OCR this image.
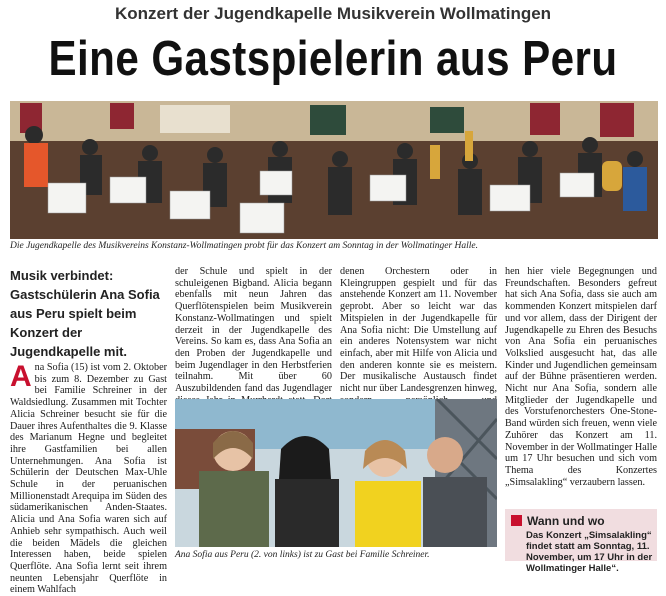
Konzert der Jugendkapelle Musikverein Wollmatingen
Eine Gastspielerin aus Peru
Die Jugendkapelle des Musikvereins Konstanz-Wollmatingen probt für das Konzert am Sonntag in der Wollmatinger Halle.
Musik verbindet: Gastschülerin Ana Sofia aus Peru spielt beim Konzert der Jugendkapelle mit.
Ana Sofia (15) ist vom 2. Oktober bis zum 8. Dezember zu Gast bei Familie Schreiner in der Waldsiedlung. Zusammen mit Tochter Alicia Schreiner besucht sie für die Dauer ihres Aufenthaltes die 9. Klasse des Marianum Hegne und begleitet ihre Gastfamilien bei allen Unternehmungen. Ana Sofia ist Schülerin der Deutschen Max-Uhle Schule in der peruanischen Millionenstadt Arequipa im Süden des südamerikanischen Anden-Staates. Alicia und Ana Sofia waren sich auf Anhieb sehr sympathisch. Auch weil die beiden Mädels die gleichen Interessen haben, beide spielen Querflöte. Ana Sofia lernt seit ihrem neunten Lebensjahr Querflöte in einem Wahlfach
der Schule und spielt in der schuleigenen Bigband. Alicia begann ebenfalls mit neun Jahren das Querflötenspielen beim Musikverein Konstanz-Wollmatingen und spielt derzeit in der Jugendkapelle des Vereins. So kam es, dass Ana Sofia an den Proben der Jugendkapelle und beim Jugendlager in den Herbstferien teilnahm. Mit über 60 Auszubildenden fand das Jugendlager
denen Orchestern oder in Kleingruppen gespielt und für das anstehende Konzert am 11. November geprobt. Aber so leicht war das Mitspielen in der Jugendkapelle für Ana Sofia nicht: Die Umstellung auf ein anderes Notensystem war nicht einfach, aber mit Hilfe von Alicia und den anderen konnte sie es meistern. Der musikalische Austausch findet nicht nur über Landesgrenzen hinweg,
hen hier viele Begegnungen und Freundschaften. Besonders gefreut hat sich Ana Sofia, dass sie auch am kommenden Konzert mitspielen darf und vor allem, dass der Dirigent der Jugendkapelle zu Ehren des Besuchs von Ana Sofia ein peruanisches Volkslied ausgesucht hat, das alle Kinder und Jugendlichen gemeinsam auf der Bühne präsentieren werden. Nicht nur Ana Sofia, sondern alle Mitglieder der Jugendkapelle und des Vorstufenorchesters One-Stone-Band würden sich freuen, wenn viele Zuhörer das Konzert am 11. November in der Wollmatinger Halle um 17 Uhr besuchen und sich vom Thema des Konzertes „Simsalakling“ verzaubern lassen.
Ana Sofia aus Peru (2. von links) ist zu Gast bei Familie Schreiner.
Wann und wo
Das Konzert „Simsalakling“ findet statt am Sonntag, 11. November, um 17 Uhr in der Wollmatinger Halle“.
